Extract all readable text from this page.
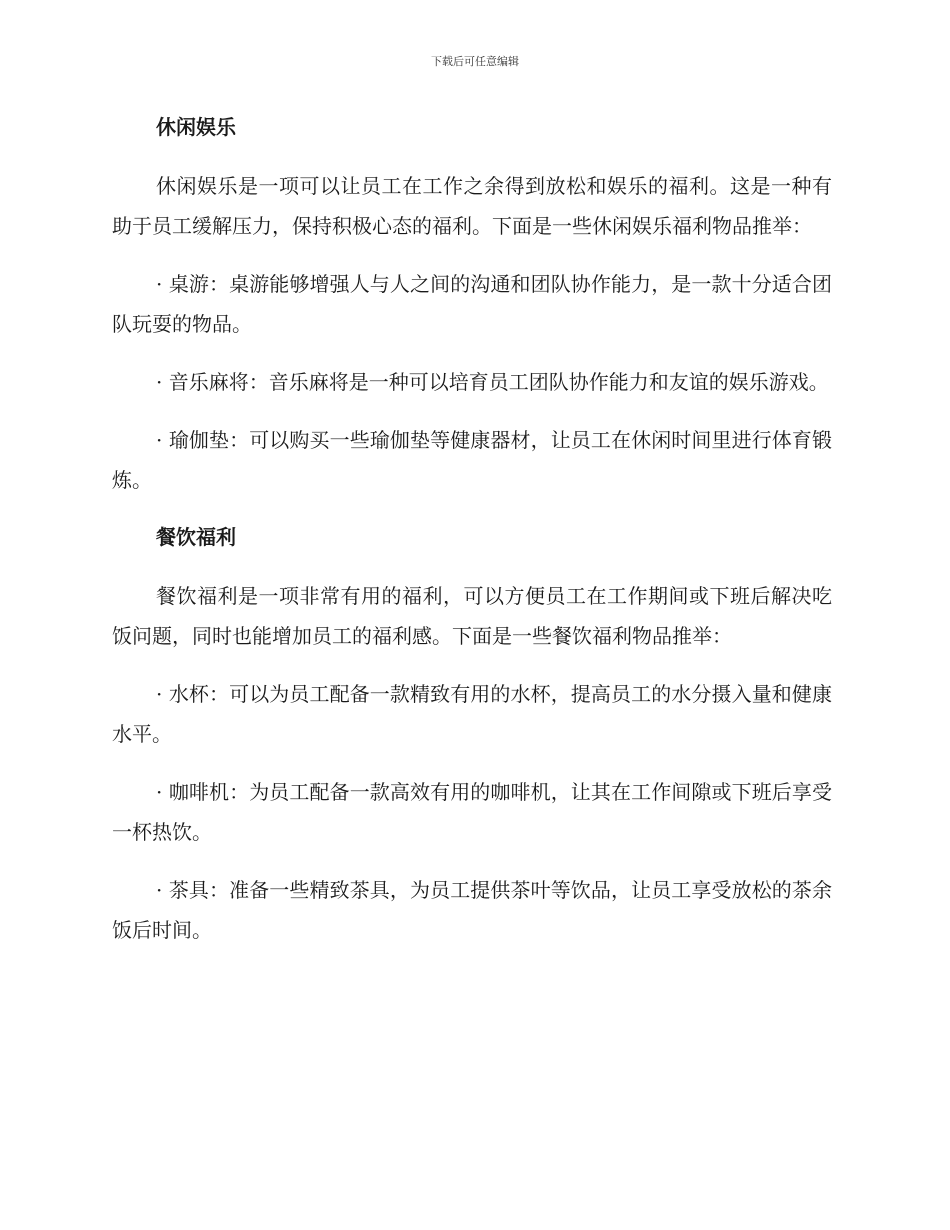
下载后可任意编辑
休闲娱乐

休闲娱乐是一项可以让员工在工作之余得到放松和娱乐的福利。这是一种有助于员工缓解压力，保持积极心态的福利。下面是一些休闲娱乐福利物品推举：

· 桌游：桌游能够增强人与人之间的沟通和团队协作能力，是一款十分适合团队玩耍的物品。

· 音乐麻将：音乐麻将是一种可以培育员工团队协作能力和友谊的娱乐游戏。

· 瑜伽垫：可以购买一些瑜伽垫等健康器材，让员工在休闲时间里进行体育锻炼。

餐饮福利

餐饮福利是一项非常有用的福利，可以方便员工在工作期间或下班后解决吃饭问题，同时也能增加员工的福利感。下面是一些餐饮福利物品推举：

· 水杯：可以为员工配备一款精致有用的水杯，提高员工的水分摄入量和健康水平。

· 咖啡机：为员工配备一款高效有用的咖啡机，让其在工作间隙或下班后享受一杯热饮。

· 茶具：准备一些精致茶具，为员工提供茶叶等饮品，让员工享受放松的茶余饭后时间。
